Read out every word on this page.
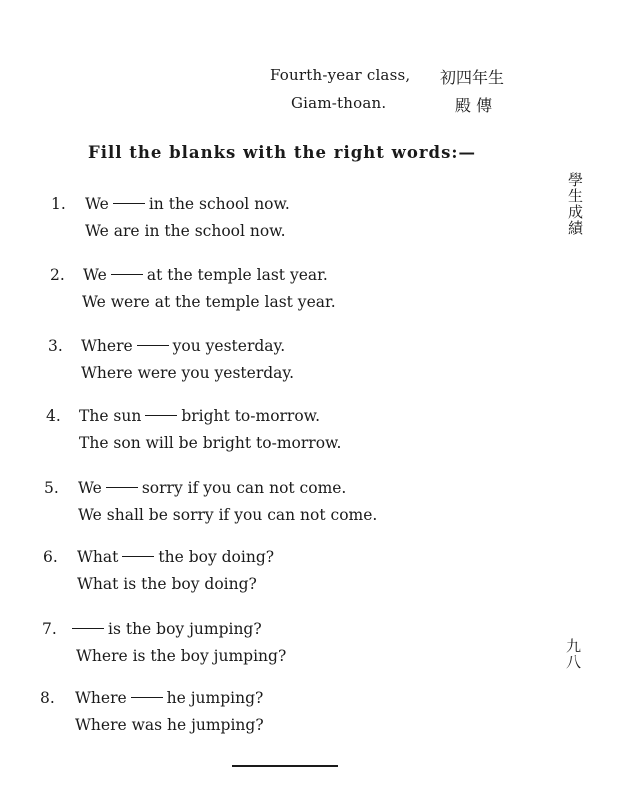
Fourth-year class, 初四年生
Giam-thoan.	殿 傳
學生成績
九八
Fill the blanks with the right words:—
1. We	in the school now.
We are in the school now.
2. We	at the temple last year.
We were at the temple last year.
3. Where	you yesterday.
Where were you yesterday.
4. The sun	bright to-morrow.
The son will be bright to-morrow.
5. We	sorry if you can not come.
We shall be sorry if you can not come.
6. What	the boy doing?
What is the boy doing?
7.	is the boy jumping?
Where is the boy jumping?
8. Where	he jumping?
Where was he jumping?
